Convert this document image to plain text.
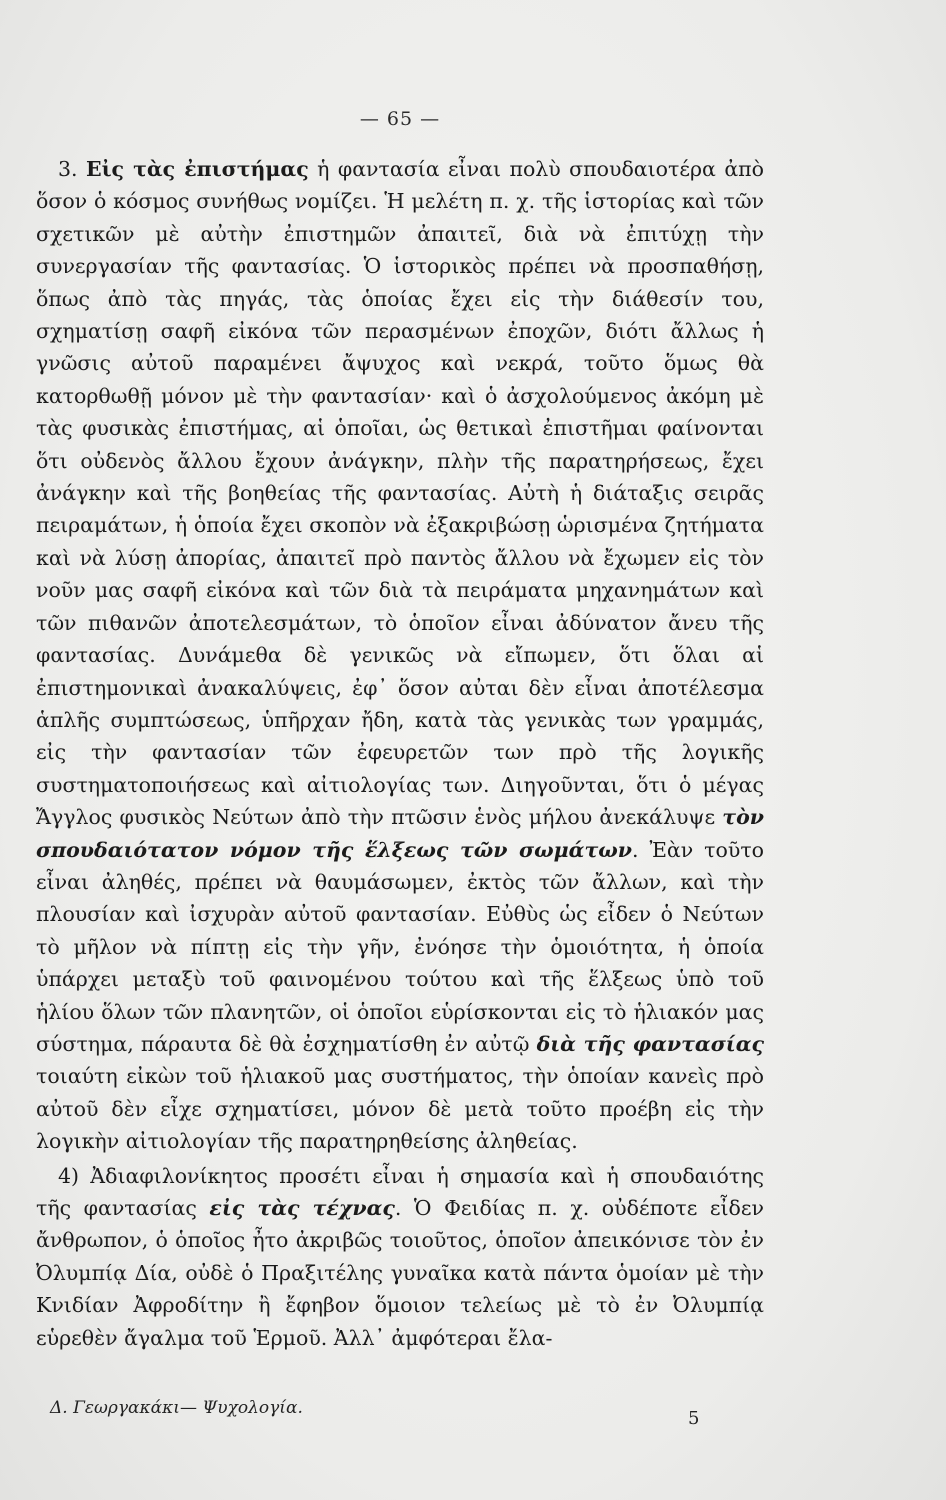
— 65 —

3. Εἰς τὰς ἐπιστήμας ἡ φαντασία εἶναι πολὺ σπουδαιοτέρα ἀπὸ ὅσον ὁ κόσμος συνήθως νομίζει. Ἡ μελέτη π. χ. τῆς ἱστορίας καὶ τῶν σχετικῶν μὲ αὐτὴν ἐπιστημῶν ἀπαιτεῖ, διὰ νὰ ἐπιτύχῃ τὴν συνεργασίαν τῆς φαντασίας. Ὁ ἱστορικὸς πρέπει νὰ προσπαθήσῃ, ὅπως ἀπὸ τὰς πηγάς, τὰς ὁποίας ἔχει εἰς τὴν διάθεσίν του, σχηματίσῃ σαφῆ εἰκόνα τῶν περασμένων ἐποχῶν, διότι ἄλλως ἡ γνῶσις αὐτοῦ παραμένει ἄψυχος καὶ νεκρά, τοῦτο ὅμως θὰ κατορθωθῇ μόνον μὲ τὴν φαντασίαν· καὶ ὁ ἀσχολούμενος ἀκόμη μὲ τὰς φυσικὰς ἐπιστήμας, αἱ ὁποῖαι, ὡς θετικαὶ ἐπιστῆμαι φαίνονται ὅτι οὐδενὸς ἄλλου ἔχουν ἀνάγκην, πλὴν τῆς παρατηρήσεως, ἔχει ἀνάγκην καὶ τῆς βοηθείας τῆς φαντασίας. Αὐτὴ ἡ διάταξις σειρᾶς πειραμάτων, ἡ ὁποία ἔχει σκοπὸν νὰ ἐξακριβώσῃ ὡρισμένα ζητήματα καὶ νὰ λύσῃ ἀπορίας, ἀπαιτεῖ πρὸ παντὸς ἄλλου νὰ ἔχωμεν εἰς τὸν νοῦν μας σαφῆ εἰκόνα καὶ τῶν διὰ τὰ πειράματα μηχανημάτων καὶ τῶν πιθανῶν ἀποτελεσμάτων, τὸ ὁποῖον εἶναι ἀδύνατον ἄνευ τῆς φαντασίας. Δυνάμεθα δὲ γενικῶς νὰ εἴπωμεν, ὅτι ὅλαι αἱ ἐπιστημονικαὶ ἀνακαλύψεις, ἐφ᾽ ὅσον αὐται δὲν εἶναι ἀποτέλεσμα ἁπλῆς συμπτώσεως, ὑπῆρχαν ἤδη, κατὰ τὰς γενικὰς των γραμμάς, εἰς τὴν φαντασίαν τῶν ἐφευρετῶν των πρὸ τῆς λογικῆς συστηματοποιήσεως καὶ αἰτιολογίας των. Διηγοῦνται, ὅτι ὁ μέγας Ἄγγλος φυσικὸς Νεύτων ἀπὸ τὴν πτῶσιν ἑνὸς μήλου ἀνεκάλυψε τὸν σπουδαιότατον νόμον τῆς ἕλξεως τῶν σωμάτων. Ἐὰν τοῦτο εἶναι ἀληθές, πρέπει νὰ θαυμάσωμεν, ἐκτὸς τῶν ἄλλων, καὶ τὴν πλουσίαν καὶ ἰσχυρὰν αὐτοῦ φαντασίαν. Εὐθὺς ὡς εἶδεν ὁ Νεύτων τὸ μῆλον νὰ πίπτῃ εἰς τὴν γῆν, ἐνόησε τὴν ὁμοιότητα, ἡ ὁποία ὑπάρχει μεταξὺ τοῦ φαινομένου τούτου καὶ τῆς ἕλξεως ὑπὸ τοῦ ἡλίου ὅλων τῶν πλανητῶν, οἱ ὁποῖοι εὑρίσκονται εἰς τὸ ἡλιακόν μας σύστημα, πάραυτα δὲ θὰ ἐσχηματίσθη ἐν αὐτῷ διὰ τῆς φαντασίας τοιαύτη εἰκὼν τοῦ ἡλιακοῦ μας συστήματος, τὴν ὁποίαν κανεὶς πρὸ αὐτοῦ δὲν εἶχε σχηματίσει, μόνον δὲ μετὰ τοῦτο προέβη εἰς τὴν λογικὴν αἰτιολογίαν τῆς παρατηρηθείσης ἀληθείας.

4) Ἀδιαφιλονίκητος προσέτι εἶναι ἡ σημασία καὶ ἡ σπουδαιότης τῆς φαντασίας εἰς τὰς τέχνας. Ὁ Φειδίας π. χ. οὐδέποτε εἶδεν ἄνθρωπον, ὁ ὁποῖος ἦτο ἀκριβῶς τοιοῦτος, ὁποῖον ἀπεικόνισε τὸν ἐν Ὀλυμπίᾳ Δία, οὐδὲ ὁ Πραξιτέλης γυναῖκα κατὰ πάντα ὁμοίαν μὲ τὴν Κνιδίαν Ἀφροδίτην ἢ ἔφηβον ὅμοιον τελείως μὲ τὸ ἐν Ὀλυμπίᾳ εὑρεθὲν ἄγαλμα τοῦ Ἑρμοῦ. Ἀλλ᾽ ἀμφότεραι ἔλα-

Δ. Γεωργακάκι— Ψυχολογία.	5
